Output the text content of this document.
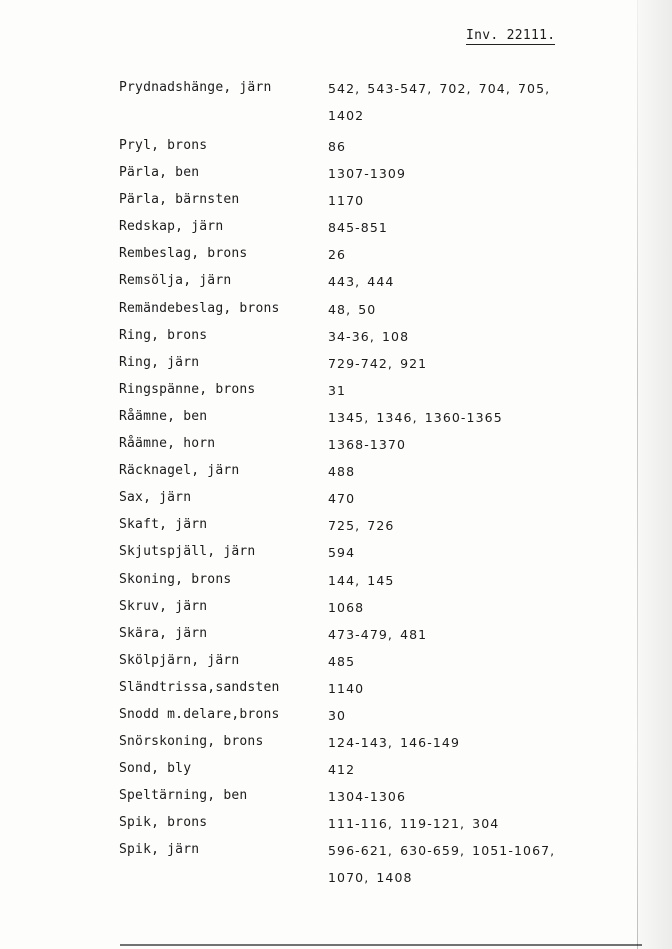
Inv. 22111.
Prydnadshänge, järn	542, 543-547, 702, 704, 705, 1402
Pryl, brons	86
Pärla, ben	1307-1309
Pärla, bärnsten	1170
Redskap, järn	845-851
Rembeslag, brons	26
Remsölja, järn	443, 444
Remändebeslag, brons	48, 50
Ring, brons	34-36, 108
Ring, järn	729-742, 921
Ringspänne, brons	31
Råämne, ben	1345, 1346, 1360-1365
Råämne, horn	1368-1370
Räcknagel, järn	488
Sax, järn	470
Skaft, järn	725, 726
Skjutspjäll, järn	594
Skoning, brons	144, 145
Skruv, järn	1068
Skära, järn	473-479, 481
Skölpjärn, järn	485
Sländtrissa,sandsten	1140
Snodd m.delare,brons	30
Snörskoning, brons	124-143, 146-149
Sond, bly	412
Speltärning, ben	1304-1306
Spik, brons	111-116, 119-121, 304
Spik, järn	596-621, 630-659, 1051-1067, 1070, 1408
